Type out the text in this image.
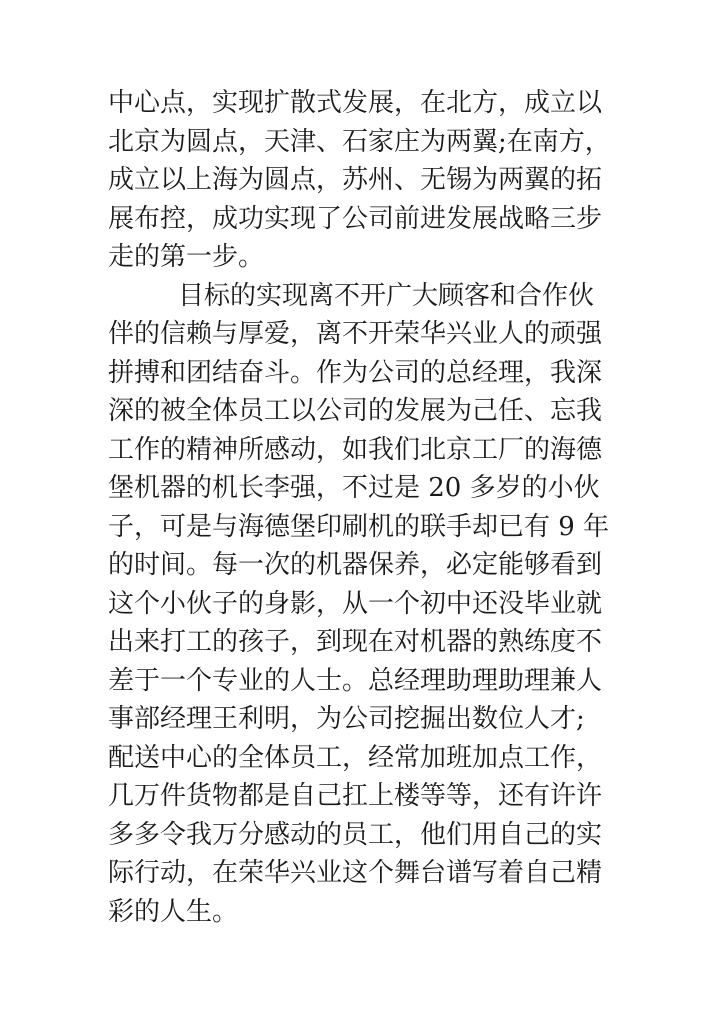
中心点，实现扩散式发展，在北方，成立以
北京为圆点，天津、石家庄为两翼;在南方，
成立以上海为圆点，苏州、无锡为两翼的拓
展布控，成功实现了公司前进发展战略三步
走的第一步。
目标的实现离不开广大顾客和合作伙
伴的信赖与厚爱，离不开荣华兴业人的顽强
拼搏和团结奋斗。作为公司的总经理，我深
深的被全体员工以公司的发展为己任、忘我
工作的精神所感动，如我们北京工厂的海德
堡机器的机长李强，不过是 20 多岁的小伙
子，可是与海德堡印刷机的联手却已有 9 年
的时间。每一次的机器保养，必定能够看到
这个小伙子的身影，从一个初中还没毕业就
出来打工的孩子，到现在对机器的熟练度不
差于一个专业的人士。总经理助理助理兼人
事部经理王利明，为公司挖掘出数位人才;
配送中心的全体员工，经常加班加点工作，
几万件货物都是自己扛上楼等等，还有许许
多多令我万分感动的员工，他们用自己的实
际行动，在荣华兴业这个舞台谱写着自己精
彩的人生。
